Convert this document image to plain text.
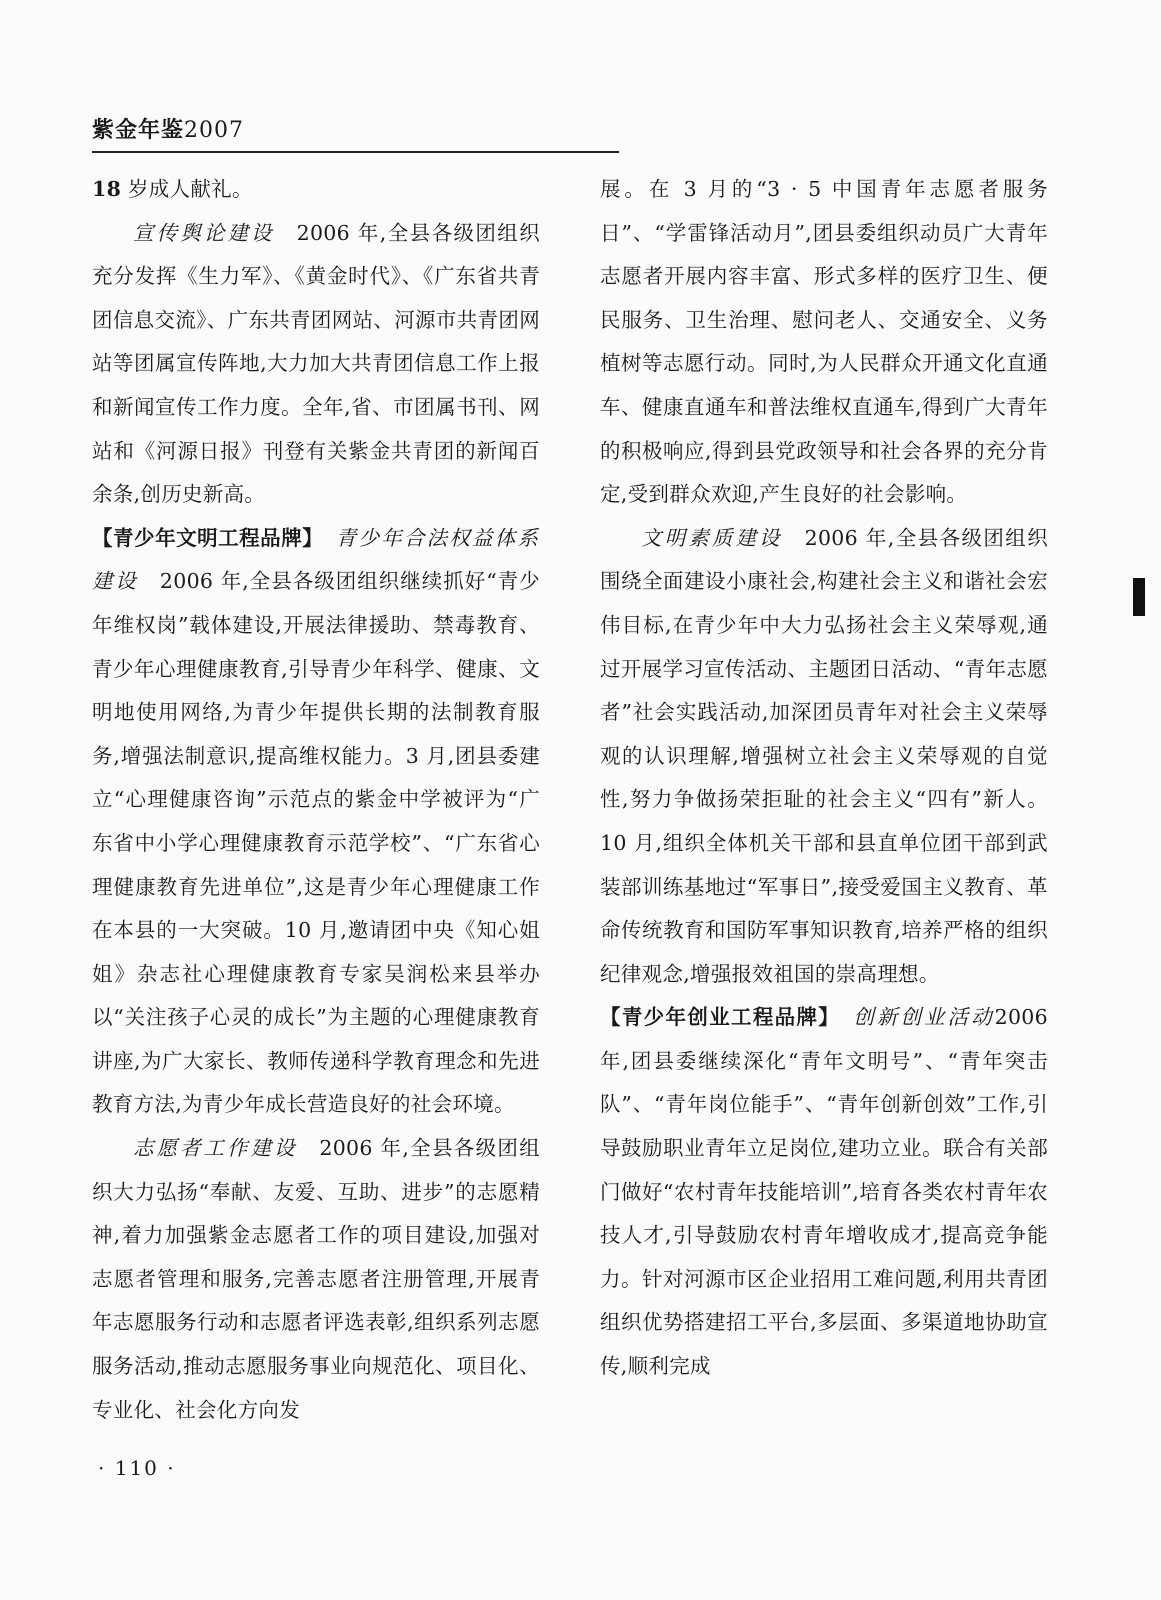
紫金年鉴2007

18 岁成人献礼。

宣传舆论建设　2006 年,全县各级团组织充分发挥《生力军》、《黄金时代》、《广东省共青团信息交流》、广东共青团网站、河源市共青团网站等团属宣传阵地,大力加大共青团信息工作上报和新闻宣传工作力度。全年,省、市团属书刊、网站和《河源日报》刊登有关紫金共青团的新闻百余条,创历史新高。

【青少年文明工程品牌】　青少年合法权益体系建设　2006 年,全县各级团组织继续抓好“青少年维权岗”载体建设,开展法律援助、禁毒教育、青少年心理健康教育,引导青少年科学、健康、文明地使用网络,为青少年提供长期的法制教育服务,增强法制意识,提高维权能力。3 月,团县委建立“心理健康咨询”示范点的紫金中学被评为“广东省中小学心理健康教育示范学校”、“广东省心理健康教育先进单位”,这是青少年心理健康工作在本县的一大突破。10 月,邀请团中央《知心姐姐》杂志社心理健康教育专家吴润松来县举办以“关注孩子心灵的成长”为主题的心理健康教育讲座,为广大家长、教师传递科学教育理念和先进教育方法,为青少年成长营造良好的社会环境。

志愿者工作建设　2006 年,全县各级团组织大力弘扬“奉献、友爱、互助、进步”的志愿精神,着力加强紫金志愿者工作的项目建设,加强对志愿者管理和服务,完善志愿者注册管理,开展青年志愿服务行动和志愿者评选表彰,组织系列志愿服务活动,推动志愿服务事业向规范化、项目化、专业化、社会化方向发

展。在 3 月的“3 · 5 中国青年志愿者服务日”、“学雷锋活动月”,团县委组织动员广大青年志愿者开展内容丰富、形式多样的医疗卫生、便民服务、卫生治理、慰问老人、交通安全、义务植树等志愿行动。同时,为人民群众开通文化直通车、健康直通车和普法维权直通车,得到广大青年的积极响应,得到县党政领导和社会各界的充分肯定,受到群众欢迎,产生良好的社会影响。

文明素质建设　2006 年,全县各级团组织围绕全面建设小康社会,构建社会主义和谐社会宏伟目标,在青少年中大力弘扬社会主义荣辱观,通过开展学习宣传活动、主题团日活动、“青年志愿者”社会实践活动,加深团员青年对社会主义荣辱观的认识理解,增强树立社会主义荣辱观的自觉性,努力争做扬荣拒耻的社会主义“四有”新人。10 月,组织全体机关干部和县直单位团干部到武装部训练基地过“军事日”,接受爱国主义教育、革命传统教育和国防军事知识教育,培养严格的组织纪律观念,增强报效祖国的崇高理想。

【青少年创业工程品牌】　创新创业活动2006 年,团县委继续深化“青年文明号”、“青年突击队”、“青年岗位能手”、“青年创新创效”工作,引导鼓励职业青年立足岗位,建功立业。联合有关部门做好“农村青年技能培训”,培育各类农村青年农技人才,引导鼓励农村青年增收成才,提高竞争能力。针对河源市区企业招用工难问题,利用共青团组织优势搭建招工平台,多层面、多渠道地协助宣传,顺利完成

· 110 ·
